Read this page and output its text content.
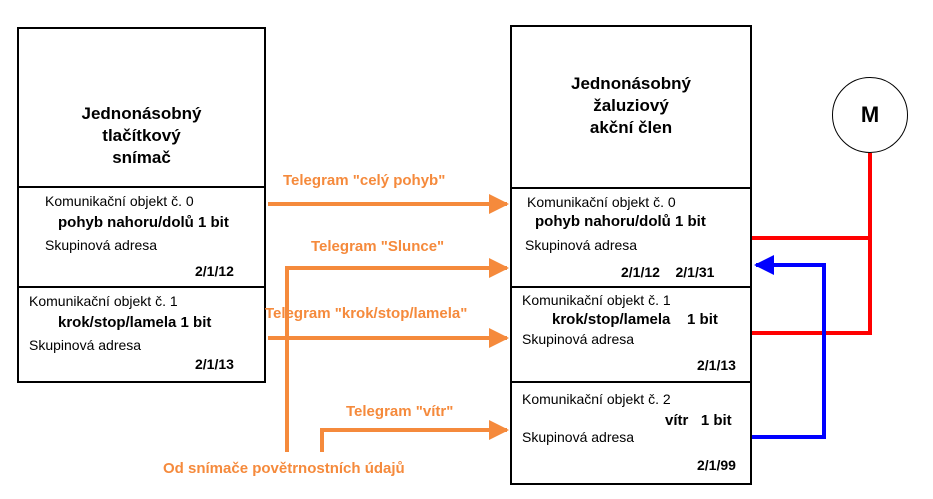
Jednonásobný
tlačítkový
snímač
Komunikační objekt č. 0
pohyb nahoru/dolů 1 bit
Skupinová adresa
2/1/12
Komunikační objekt č. 1
krok/stop/lamela 1 bit
Skupinová adresa
2/1/13
Jednonásobný
žaluziový
akční člen
Komunikační objekt č. 0
pohyb nahoru/dolů 1 bit
Skupinová adresa
2/1/12    2/1/31
Komunikační objekt č. 1
krok/stop/lamela    1 bit
Skupinová adresa
2/1/13
Komunikační objekt č. 2
vítr   1 bit
Skupinová adresa
2/1/99
Telegram "celý pohyb"
Telegram "Slunce"
Telegram "krok/stop/lamela"
Telegram "vítr"
Od snímače povětrnostních údajů
M
